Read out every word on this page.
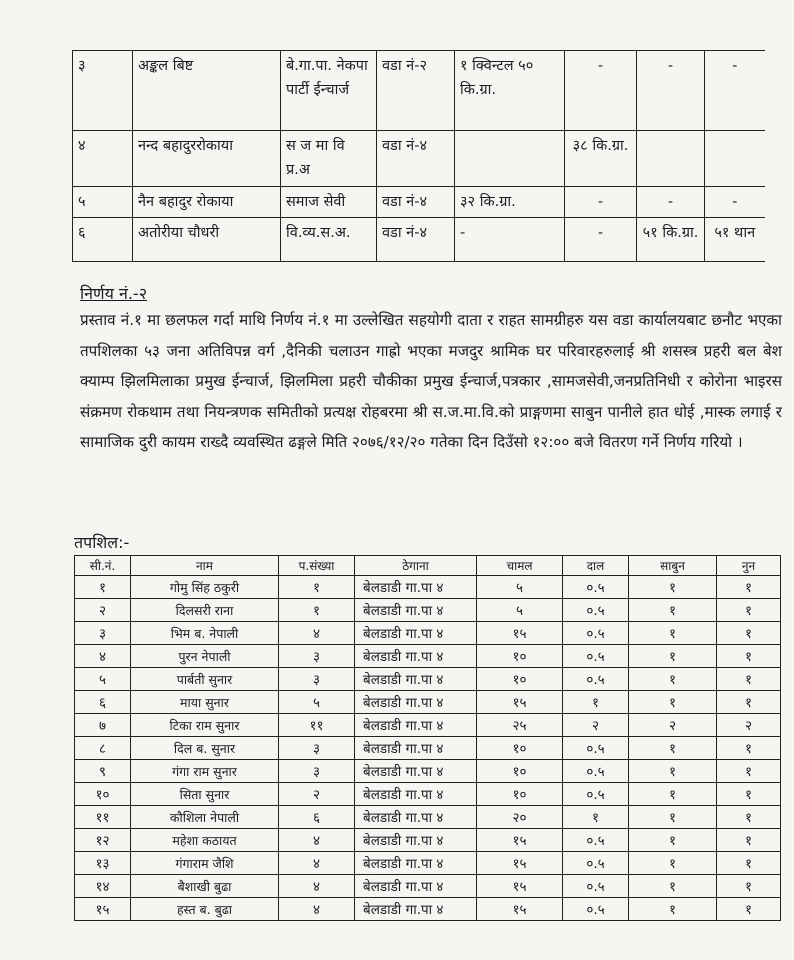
३	अङ्कल बिष्ट	बे.गा.पा. नेकपा पार्टी ईन्चार्ज	वडा नं-२	१ क्विन्टल ५० कि.ग्रा.	-	-	-
४	नन्द बहादुररोकाया	स ज मा वि प्र.अ	वडा नं-४		३८ कि.ग्रा.		
५	नैन बहादुर रोकाया	समाज सेवी	वडा नं-४	३२ कि.ग्रा.	-	-	-
६	अतोरीया चौधरी	वि.व्य.स.अ.	वडा नं-४	-	-	५१ कि.ग्रा.	५१ थान
निर्णय नं.-२

प्रस्ताव नं.१ मा छलफल गर्दा माथि निर्णय नं.१ मा उल्लेखित सहयोगी दाता र राहत सामग्रीहरु यस वडा कार्यालयबाट छनौट भएका तपशिलका ५३ जना अतिविपन्न वर्ग ,दैनिकी चलाउन गाह्रो भएका मजदुर श्रामिक घर परिवारहरुलाई श्री शसस्त्र प्रहरी बल बेश क्याम्प झिलमिलाका प्रमुख ईन्चार्ज, झिलमिला प्रहरी चौकीका प्रमुख ईन्चार्ज,पत्रकार ,सामजसेवी,जनप्रतिनिधी र कोरोना भाइरस संक्रमण रोकथाम तथा नियन्त्रणक समितीको प्रत्यक्ष रोहबरमा श्री स.ज.मा.वि.को प्राङ्गणमा साबुन पानीले हात धोई ,मास्क लगाई र सामाजिक दुरी कायम राख्दै व्यवस्थित ढङ्गले मिति २०७६/१२/२० गतेका दिन दिउँसो १२:०० बजे वितरण गर्ने निर्णय गरियो ।

तपशिल:-
सी.नं.	नाम	प.संख्या	ठेगाना	चामल	दाल	साबुन	नुन
१	गोमु सिंह ठकुरी	१	बेलडाडी गा.पा ४	५	०.५	१	१
२	दिलसरी राना	१	बेलडाडी गा.पा ४	५	०.५	१	१
३	भिम ब. नेपाली	४	बेलडाडी गा.पा ४	१५	०.५	१	१
४	पुरन नेपाली	३	बेलडाडी गा.पा ४	१०	०.५	१	१
५	पार्बती सुनार	३	बेलडाडी गा.पा ४	१०	०.५	१	१
६	माया सुनार	५	बेलडाडी गा.पा ४	१५	१	१	१
७	टिका राम सुनार	११	बेलडाडी गा.पा ४	२५	२	२	२
८	दिल ब. सुनार	३	बेलडाडी गा.पा ४	१०	०.५	१	१
९	गंगा राम सुनार	३	बेलडाडी गा.पा ४	१०	०.५	१	१
१०	सिता सुनार	२	बेलडाडी गा.पा ४	१०	०.५	१	१
११	कौशिला नेपाली	६	बेलडाडी गा.पा ४	२०	१	१	१
१२	महेशा कठायत	४	बेलडाडी गा.पा ४	१५	०.५	१	१
१३	गंगाराम जैशि	४	बेलडाडी गा.पा ४	१५	०.५	१	१
१४	बैशाखी बुढा	४	बेलडाडी गा.पा ४	१५	०.५	१	१
१५	हस्त ब. बुढा	४	बेलडाडी गा.पा ४	१५	०.५	१	१
